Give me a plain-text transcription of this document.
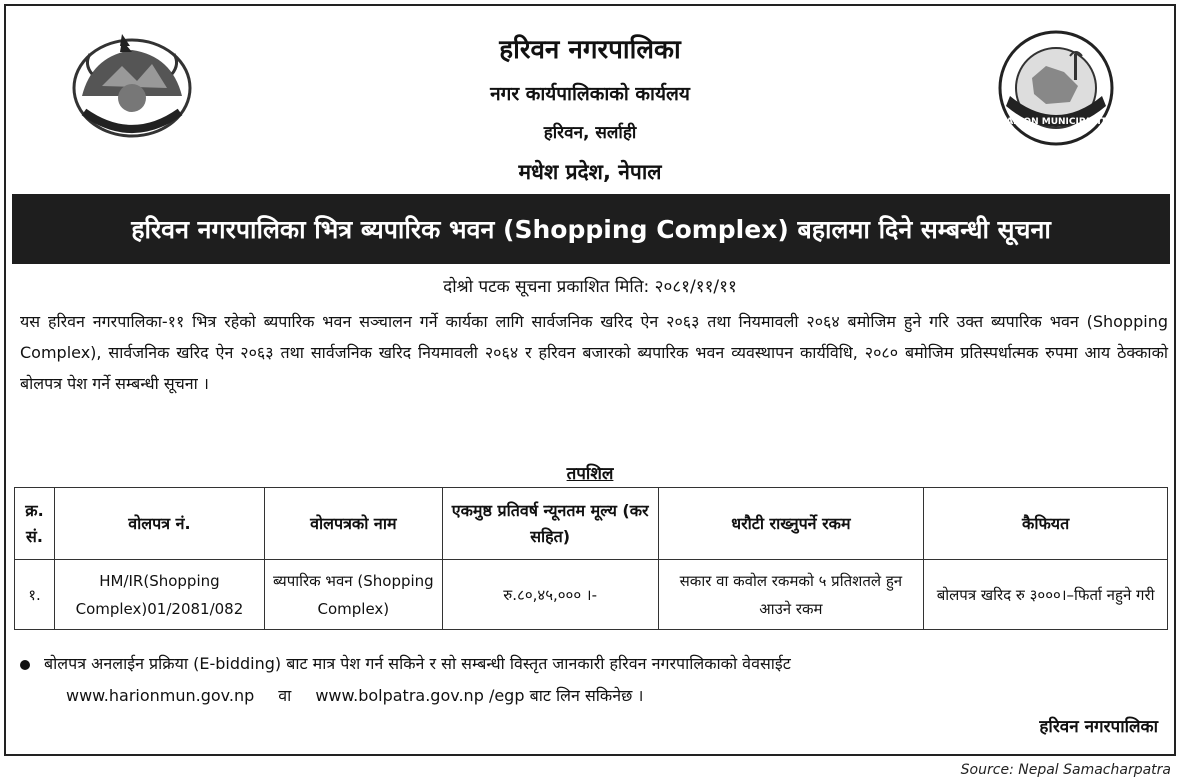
HARION MUNICIPALITY
हरिवन नगरपालिका
नगर कार्यपालिकाको कार्यलय
हरिवन, सर्लाही
मधेश प्रदेश, नेपाल
हरिवन नगरपालिका भित्र ब्यपारिक भवन (Shopping Complex) बहालमा दिने सम्बन्धी सूचना
दोश्रो पटक सूचना प्रकाशित मिति: २०८१/११/११

यस हरिवन नगरपालिका-११ भित्र रहेको ब्यपारिक भवन सञ्चालन गर्ने कार्यका लागि सार्वजनिक खरिद ऐन २०६३ तथा नियमावली २०६४ बमोजिम हुने गरि उक्त ब्यपारिक भवन (Shopping Complex), सार्वजनिक खरिद ऐन २०६३ तथा सार्वजनिक खरिद नियमावली २०६४ र हरिवन बजारको ब्यपारिक भवन व्यवस्थापन कार्यविधि, २०८० बमोजिम प्रतिस्पर्धात्मक रुपमा आय ठेक्काको बोलपत्र पेश गर्ने सम्बन्धी सूचना ।

तपशिल
क्र. सं.	वोलपत्र नं.	वोलपत्रको नाम	एकमुष्ठ प्रतिवर्ष न्यूनतम मूल्य (कर सहित)	धरौटी राख्नुपर्ने रकम	कैफियत
१.	HM/IR(Shopping Complex)01/2081/082	ब्यपारिक भवन (Shopping Complex)	रु.८०,४५,००० ।-	सकार वा कवोल रकमको ५ प्रतिशतले हुन आउने रकम	बोलपत्र खरिद रु ३०००।–फिर्ता नहुने गरी
बोलपत्र अनलाईन प्रक्रिया (E-bidding) बाट मात्र पेश गर्न सकिने र सो सम्बन्धी विस्तृत जानकारी हरिवन नगरपालिकाको वेवसाईट
www.harionmun.gov.np वा www.bolpatra.gov.np /egp बाट लिन सकिनेछ ।
हरिवन नगरपालिका
Source: Nepal Samacharpatra
